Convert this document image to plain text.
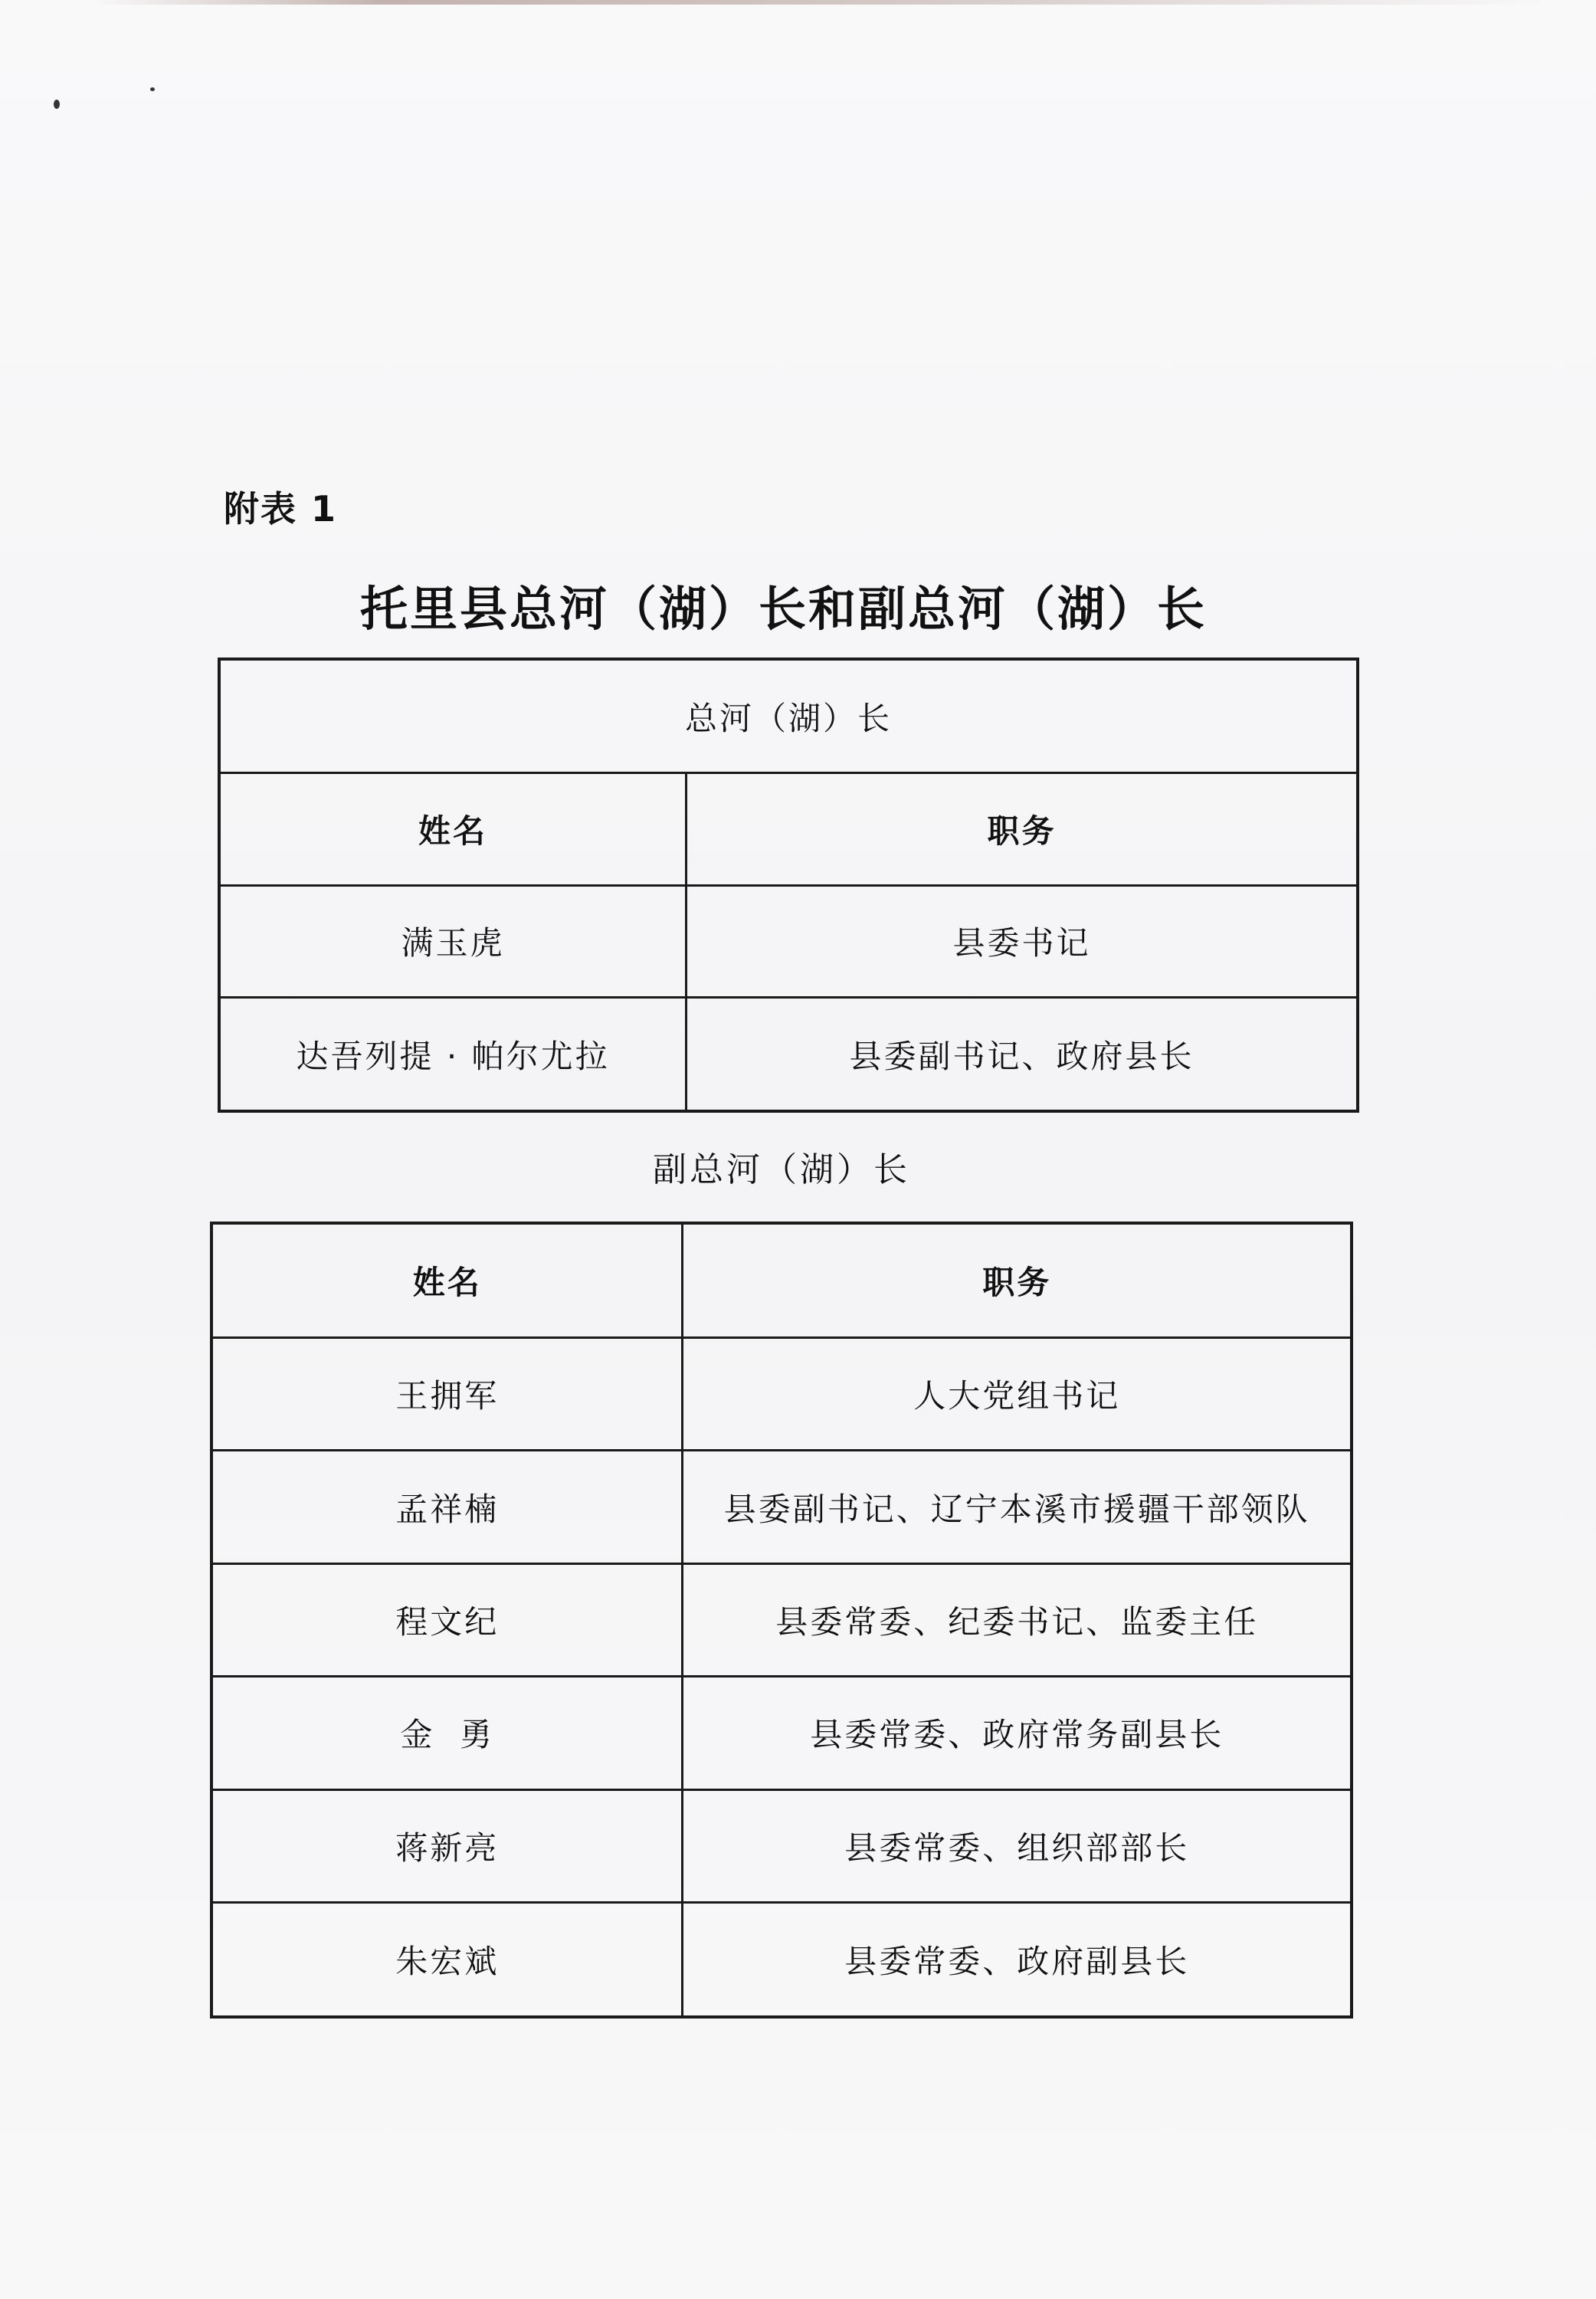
附表 1
托里县总河（湖）长和副总河（湖）长
总河（湖）长	
姓名	职务
满玉虎	县委书记
达吾列提 · 帕尔尤拉	县委副书记、政府县长
副总河（湖）长
姓名	职务
王拥军	人大党组书记
孟祥楠	县委副书记、辽宁本溪市援疆干部领队
程文纪	县委常委、纪委书记、监委主任
金  勇	县委常委、政府常务副县长
蒋新亮	县委常委、组织部部长
朱宏斌	县委常委、政府副县长
